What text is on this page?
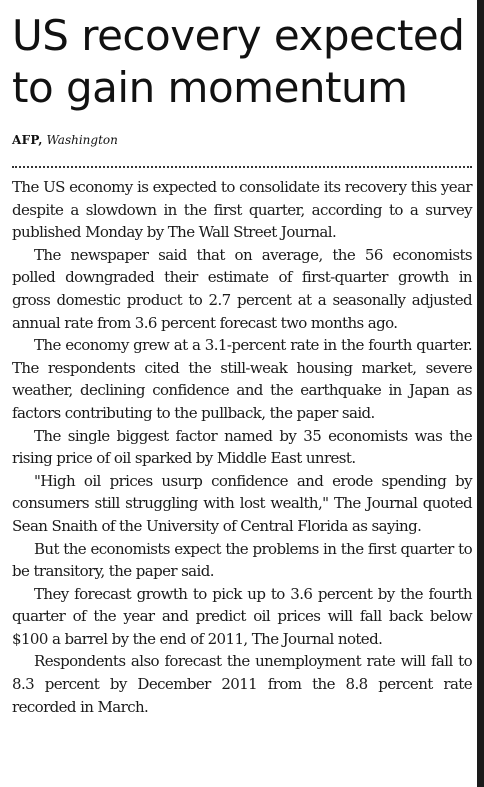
US recovery expected
to gain momentum
AFP, Washington

The US economy is expected to consolidate its recovery this year despite a slowdown in the first quarter, according to a survey published Monday by The Wall Street Journal.

The newspaper said that on average, the 56 economists polled downgraded their estimate of first-quarter growth in gross domestic product to 2.7 percent at a seasonally adjusted annual rate from 3.6 percent forecast two months ago.

The economy grew at a 3.1-percent rate in the fourth quarter. The respondents cited the still-weak housing market, severe weather, declining confidence and the earthquake in Japan as factors contributing to the pullback, the paper said.

The single biggest factor named by 35 economists was the rising price of oil sparked by Middle East unrest.

"High oil prices usurp confidence and erode spending by consumers still struggling with lost wealth," The Journal quoted Sean Snaith of the University of Central Florida as saying.

But the economists expect the problems in the first quarter to be transitory, the paper said.

They forecast growth to pick up to 3.6 percent by the fourth quarter of the year and predict oil prices will fall back below $100 a barrel by the end of 2011, The Journal noted.

Respondents also forecast the unemployment rate will fall to 8.3 percent by December 2011 from the 8.8 percent rate recorded in March.
